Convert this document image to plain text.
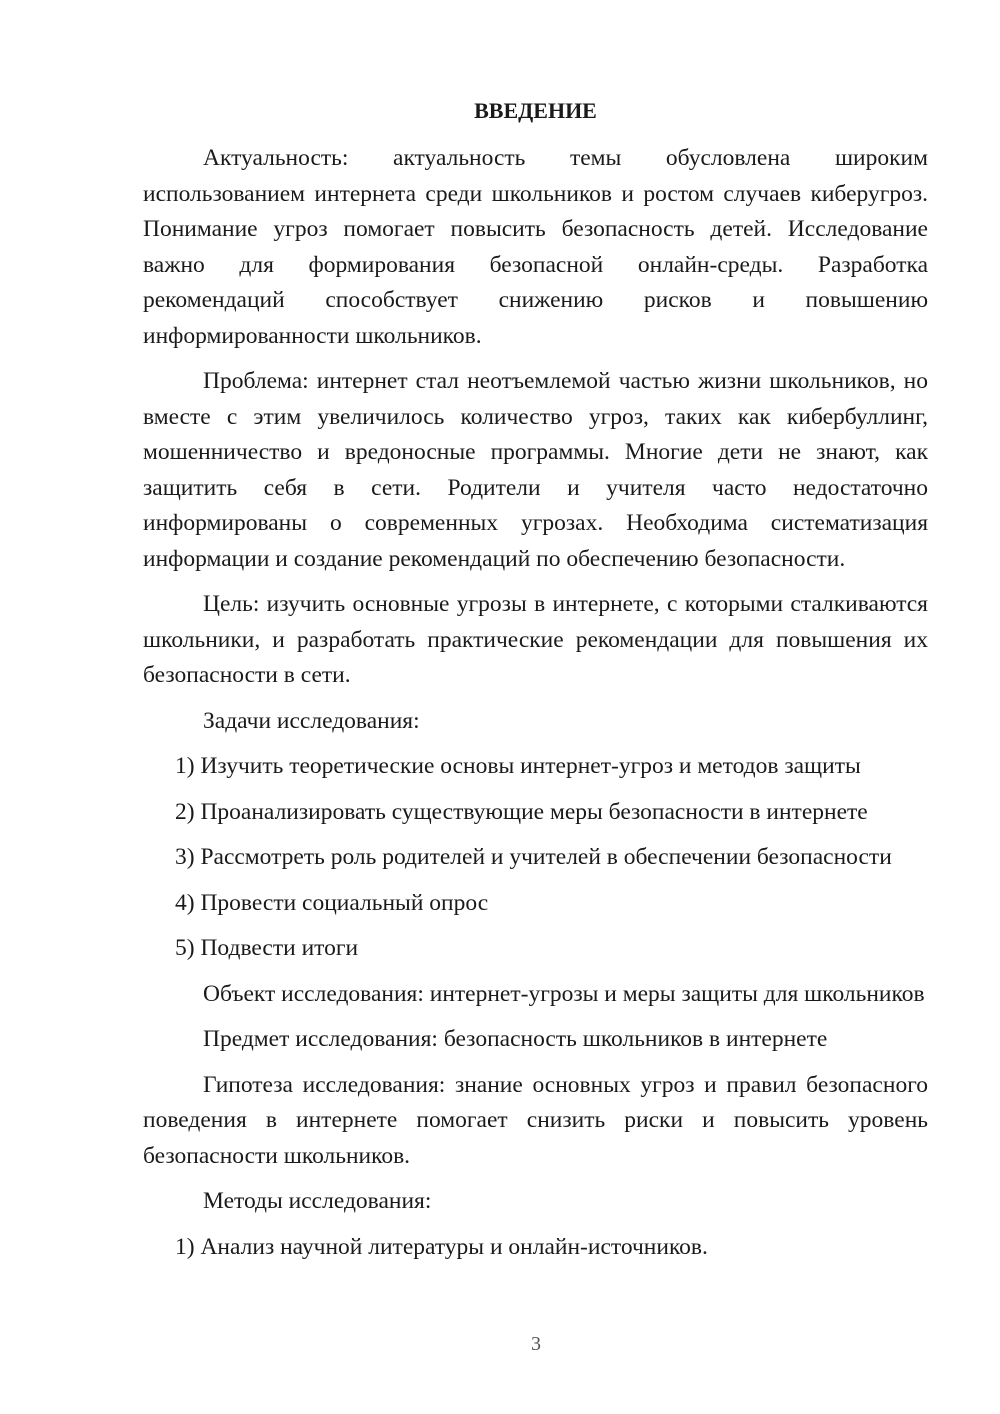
ВВЕДЕНИЕ

Актуальность: актуальность темы обусловлена широким использованием интернета среди школьников и ростом случаев киберугроз. Понимание угроз помогает повысить безопасность детей. Исследование важно для формирования безопасной онлайн-среды. Разработка рекомендаций способствует снижению рисков и повышению информированности школьников.

Проблема: интернет стал неотъемлемой частью жизни школьников, но вместе с этим увеличилось количество угроз, таких как кибербуллинг, мошенничество и вредоносные программы. Многие дети не знают, как защитить себя в сети. Родители и учителя часто недостаточно информированы о современных угрозах. Необходима систематизация информации и создание рекомендаций по обеспечению безопасности.

Цель: изучить основные угрозы в интернете, с которыми сталкиваются школьники, и разработать практические рекомендации для повышения их безопасности в сети.

Задачи исследования:

1) Изучить теоретические основы интернет-угроз и методов защиты

2) Проанализировать существующие меры безопасности в интернете

3) Рассмотреть роль родителей и учителей в обеспечении безопасности

4) Провести социальный опрос

5) Подвести итоги

Объект исследования: интернет-угрозы и меры защиты для школьников

Предмет исследования: безопасность школьников в интернете

Гипотеза исследования: знание основных угроз и правил безопасного поведения в интернете помогает снизить риски и повысить уровень безопасности школьников.

Методы исследования:

1) Анализ научной литературы и онлайн-источников.

3
